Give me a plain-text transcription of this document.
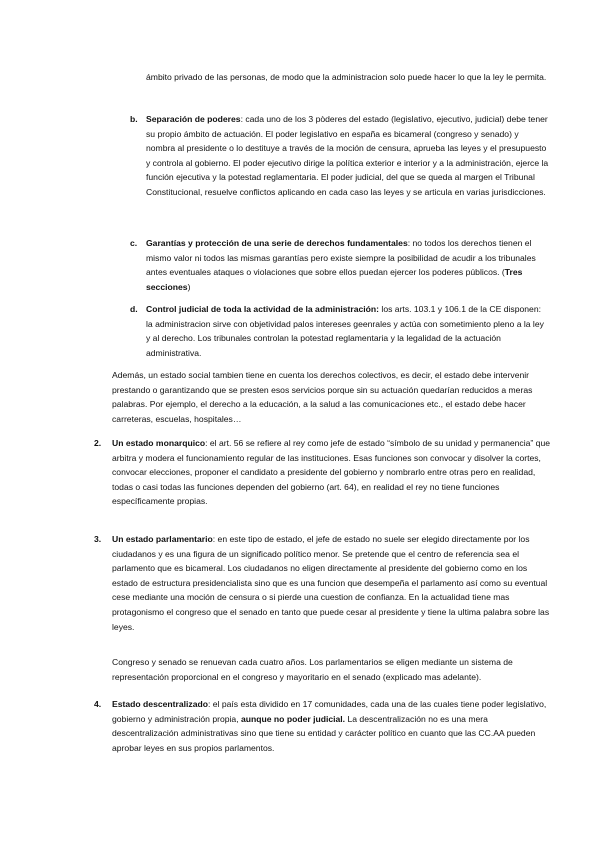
ámbito privado de las personas, de modo que la administracion solo puede hacer lo que la ley le permita.

b. Separación de poderes: cada uno de los 3 pòderes del estado (legislativo, ejecutivo, judicial) debe tener su propio ámbito de actuación. El poder legislativo en españa es bicameral (congreso y senado) y nombra al presidente o lo destituye a través de la moción de censura, aprueba las leyes y el presupuesto y controla al gobierno. El poder ejecutivo dirige la política exterior e interior y a la administración, ejerce la función ejecutiva y la potestad reglamentaria. El poder judicial, del que se queda al margen el Tribunal Constitucional, resuelve conflictos aplicando en cada caso las leyes y se articula en varias jurisdicciones.

c. Garantías y protección de una serie de derechos fundamentales: no todos los derechos tienen el mismo valor ni todos las mismas garantías pero existe siempre la posibilidad de acudir a los tribunales antes eventuales ataques o violaciones que sobre ellos puedan ejercer los poderes públicos. (Tres secciones)

d. Control judicial de toda la actividad de la administración: los arts. 103.1 y 106.1 de la CE disponen: la administracion sirve con objetividad palos intereses geenrales y actúa con sometimiento pleno a la ley y al derecho. Los tribunales controlan la potestad reglamentaria y la legalidad de la actuación administrativa.

Además, un estado social tambien tiene en cuenta los derechos colectivos, es decir, el estado debe intervenir prestando o garantizando que se presten esos servicios porque sin su actuación quedarían reducidos a meras palabras. Por ejemplo, el derecho a la educación, a la salud a las comunicaciones etc., el estado debe hacer carreteras, escuelas, hospitales…

2. Un estado monarquico: el art. 56 se refiere al rey como jefe de estado “símbolo de su unidad y permanencia” que arbitra y modera el funcionamiento regular de las instituciones. Esas funciones son convocar y disolver la cortes, convocar elecciones, proponer el candidato a presidente del gobierno y nombrarlo entre otras pero en realidad, todas o casi todas las funciones dependen del gobierno (art. 64), en realidad el rey no tiene funciones específicamente propias.

3. Un estado parlamentario: en este tipo de estado, el jefe de estado no suele ser elegido directamente por los ciudadanos y es una figura de un significado político menor. Se pretende que el centro de referencia sea el parlamento que es bicameral. Los ciudadanos no eligen directamente al presidente del gobierno como en los estado de estructura presidencialista sino que es una funcion que desempeña el parlamento así como su eventual cese mediante una moción de censura o si pierde una cuestion de confianza. En la actualidad tiene mas protagonismo el congreso que el senado en tanto que puede cesar al presidente y tiene la ultima palabra sobre las leyes.

Congreso y senado se renuevan cada cuatro años. Los parlamentarios se eligen mediante un sistema de representación proporcional en el congreso y mayoritario en el senado (explicado mas adelante).

4. Estado descentralizado: el país esta dividido en 17 comunidades, cada una de las cuales tiene poder legislativo, gobierno y administración propia, aunque no poder judicial. La descentralización no es una mera descentralización administrativas sino que tiene su entidad y carácter político en cuanto que las CC.AA pueden aprobar leyes en sus propios parlamentos.
